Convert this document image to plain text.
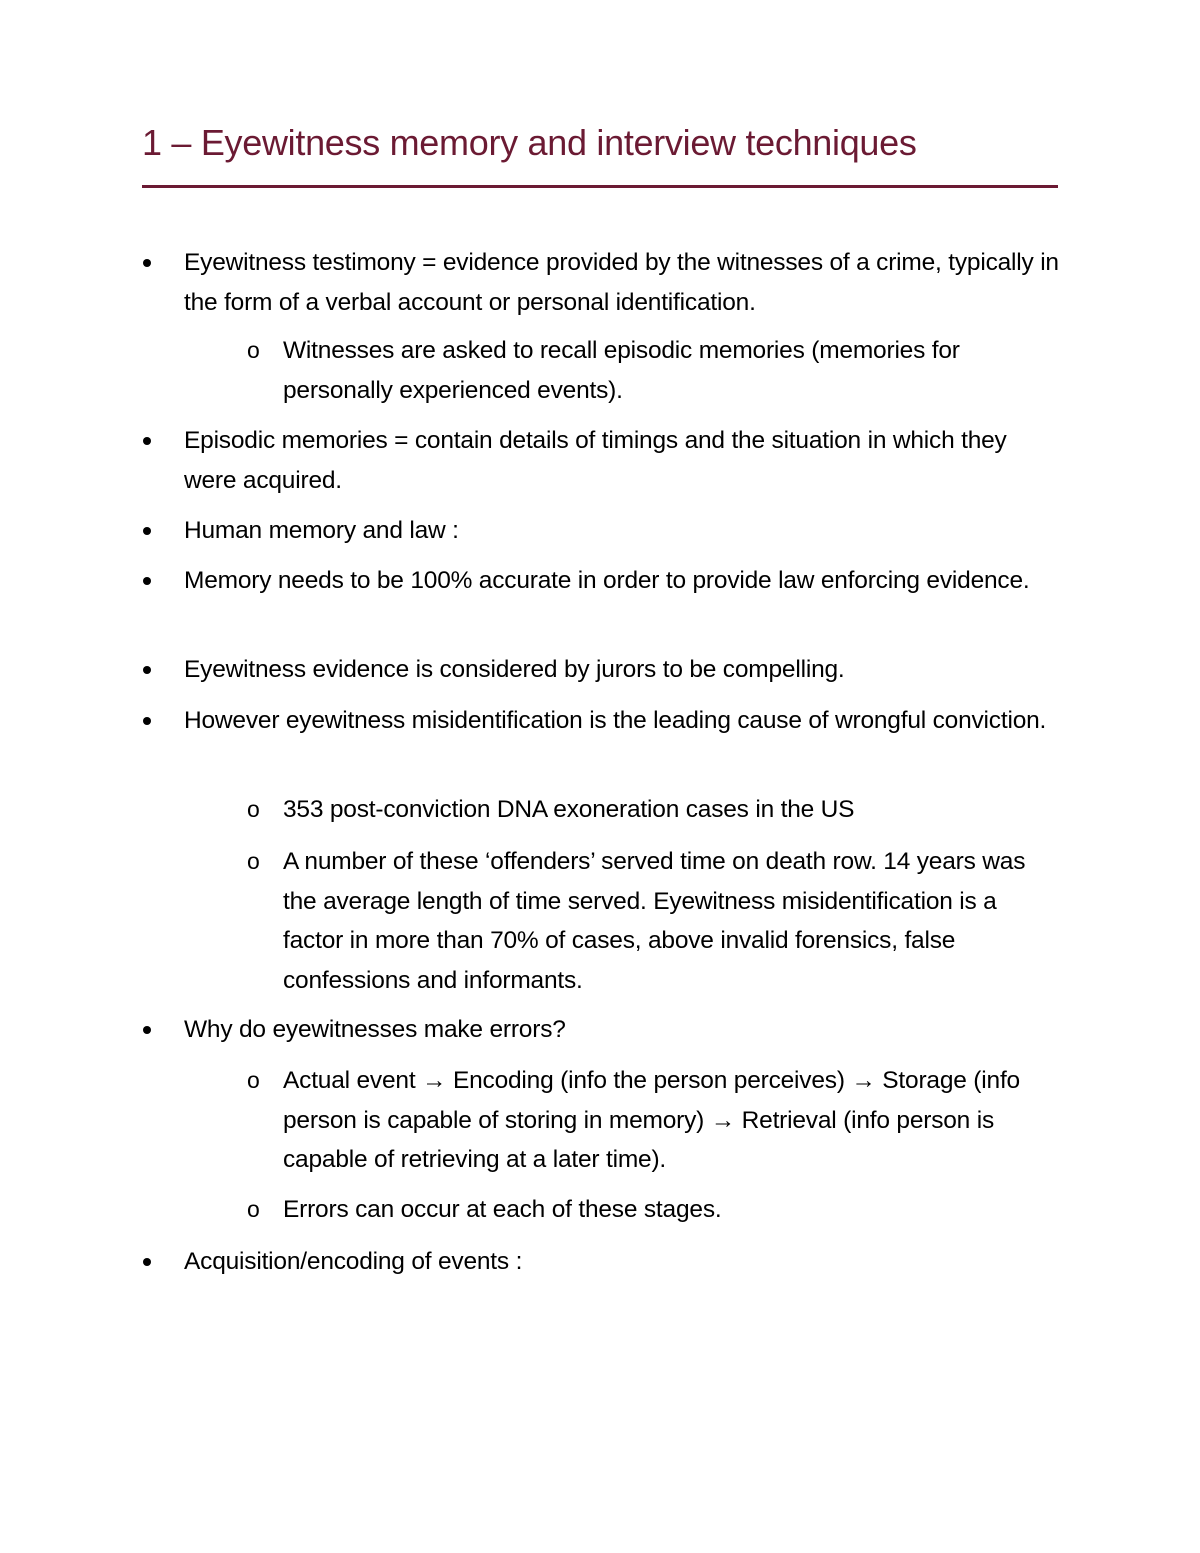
1 – Eyewitness memory and interview techniques
Eyewitness testimony = evidence provided by the witnesses of a crime, typically in the form of a verbal account or personal identification.
Witnesses are asked to recall episodic memories (memories for personally experienced events).
Episodic memories = contain details of timings and the situation in which they were acquired.
Human memory and law :
Memory needs to be 100% accurate in order to provide law enforcing evidence.
Eyewitness evidence is considered by jurors to be compelling.
However eyewitness misidentification is the leading cause of wrongful conviction.
353 post-conviction DNA exoneration cases in the US
A number of these ‘offenders’ served time on death row. 14 years was the average length of time served. Eyewitness misidentification is a factor in more than 70% of cases, above invalid forensics, false confessions and informants.
Why do eyewitnesses make errors?
Actual event → Encoding (info the person perceives) → Storage (info person is capable of storing in memory) → Retrieval (info person is capable of retrieving at a later time).
Errors can occur at each of these stages.
Acquisition/encoding of events :
o
o
o
o
o
